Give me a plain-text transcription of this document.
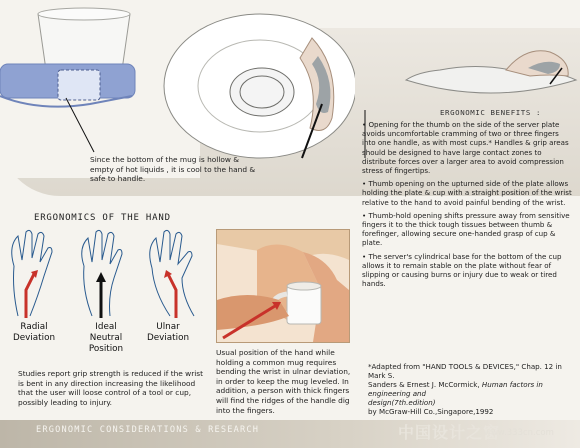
Since the bottom of the mug is hollow & empty of hot liquids , it is cool to the hand & safe to handle.
ERGONOMIC BENEFITS :

• Opening for the thumb on the side of the server plate avoids uncomfortable cramming of two or three fingers into one handle, as with most cups.* Handles & grip areas should be designed to have large contact zones to distribute forces over a larger area to avoid compression stress of fingertips.

• Thumb opening on the upturned side of the plate allows holding the plate & cup with a straight position of the wrist relative to the hand to avoid painful bending of the wrist.

• Thumb-hold opening shifts pressure away from sensitive fingers it to the thick tough tissues between thumb & forefinger, allowing secure one-handed grasp of cup & plate.

• The server's cylindrical base for the bottom of the cup allows it to remain stable on the plate without fear of slipping or causing burns or injury due to weak or tired hands.

ERGONOMICS OF THE HAND
Radial Deviation
Ideal Neutral Position
Ulnar Deviation
Studies report grip strength is reduced if the wrist is bent in any direction increasing the likelihood that the user will loose control of a tool or cup, possibly leading to injury.
Usual position of the hand while holding a common mug requires bending the wrist in ulnar deviation, in order to keep the mug leveled. In addition, a person with thick fingers will find the ridges of the handle dig into the fingers.
*Adapted from "HAND TOOLS & DEVICES," Chap. 12 in Mark S.
Sanders & Ernest J. McCormick, Human factors in engineering and
design(7th.edition)
by McGraw-Hill Co.,Singapore,1992
ERGONOMIC CONSIDERATIONS & RESEARCH	中国设计之窗
www.333cn.com
